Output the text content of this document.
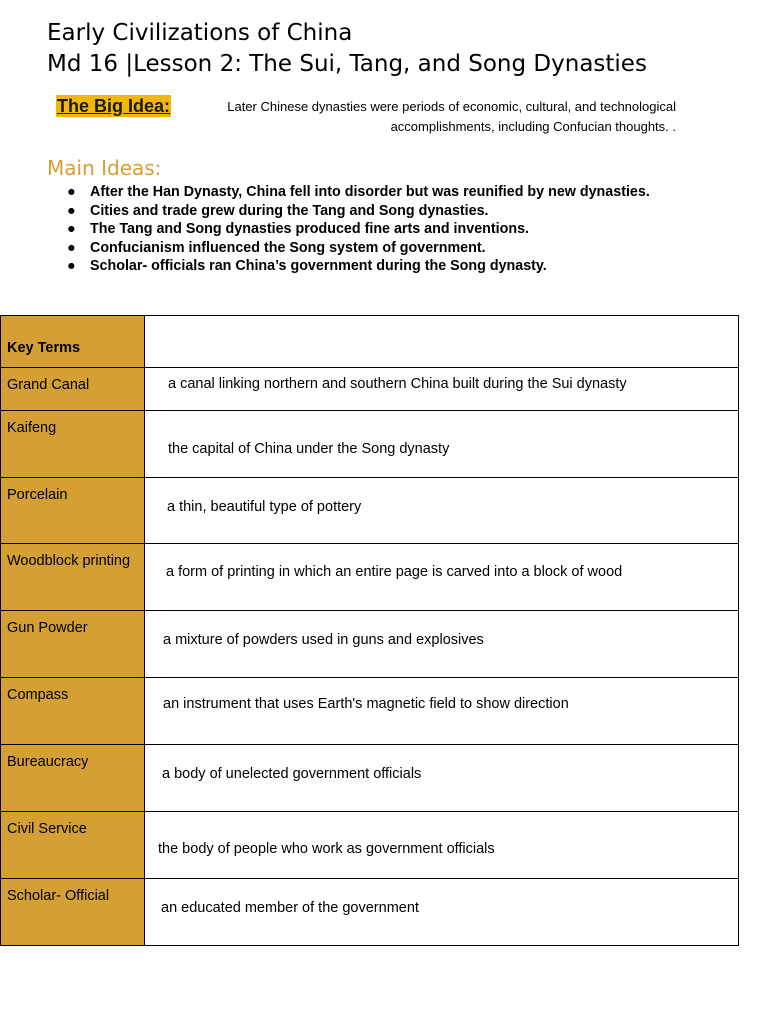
Early Civilizations of China
Md 16 |Lesson 2: The Sui, Tang, and Song Dynasties
The Big Idea:	Later Chinese dynasties were periods of economic, cultural, and technological accomplishments, including Confucian thoughts. .
Main Ideas:
● After the Han Dynasty, China fell into disorder but was reunified by new dynasties.
● Cities and trade grew during the Tang and Song dynasties.
● The Tang and Song dynasties produced fine arts and inventions.
● Confucianism influenced the Song system of government.
● Scholar- officials ran China’s government during the Song dynasty.
Key Terms	
Grand Canal	a canal linking northern and southern China built during the Sui dynasty

Kaifeng	the capital of China under the Song dynasty

Porcelain	a thin, beautiful type of pottery

Woodblock printing	a form of printing in which an entire page is carved into a block of wood

Gun Powder	a mixture of powders used in guns and explosives

Compass	an instrument that uses Earth's magnetic field to show direction

Bureaucracy	a body of unelected government officials

Civil Service	the body of people who work as government officials

Scholar- Official	an educated member of the government
